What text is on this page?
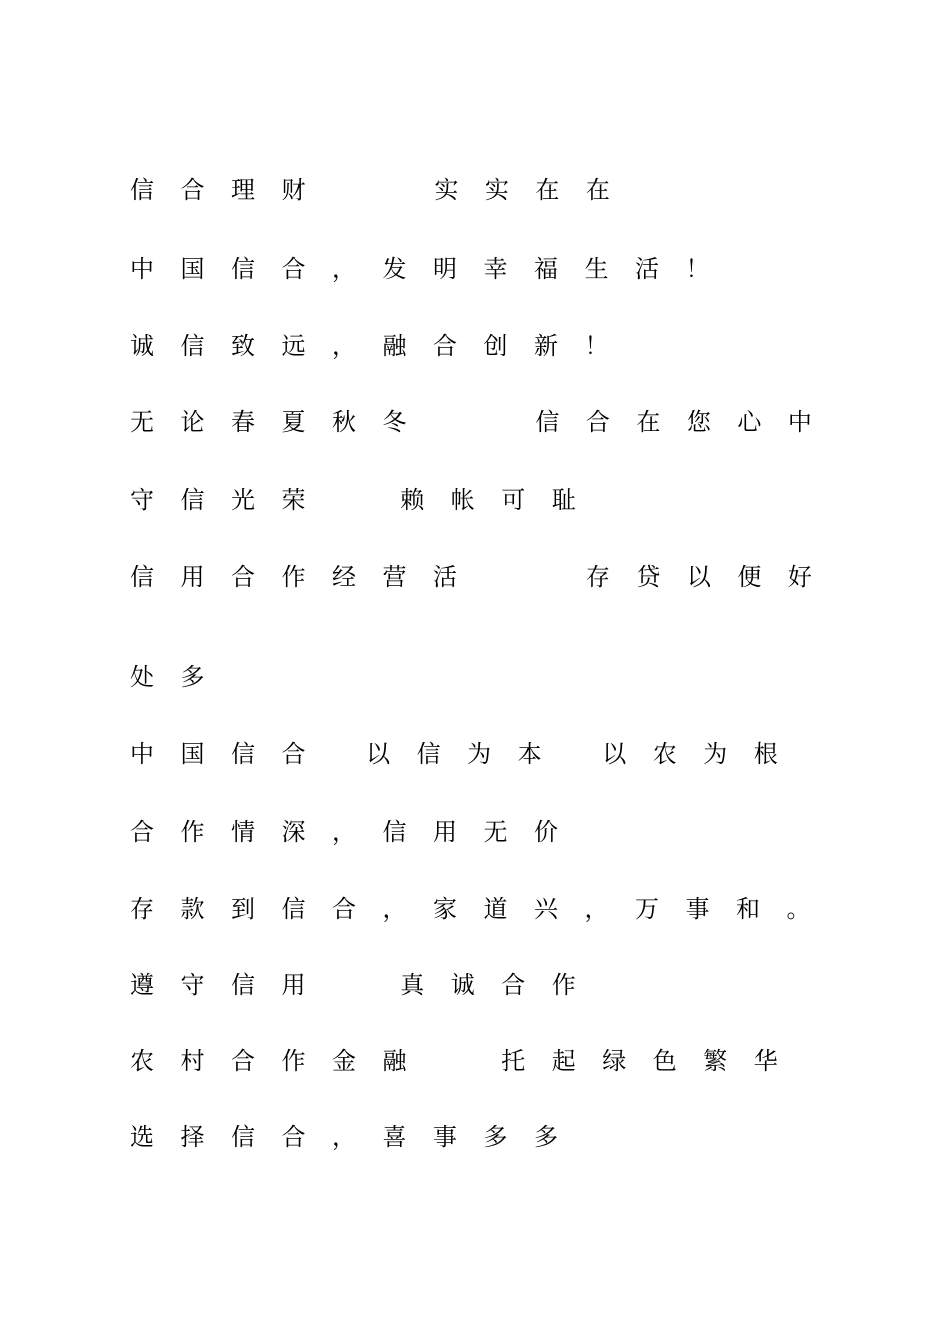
信合理财   实实在在

中国信合，发明幸福生活！

诚信致远，融合创新！

无论春夏秋冬   信合在您心中

守信光荣  赖帐可耻

信用合作经营活   存贷以便好

处多

中国信合 以信为本 以农为根

合作情深，信用无价

存款到信合，家道兴，万事和。

遵守信用  真诚合作

农村合作金融  托起绿色繁华

选择信合，喜事多多
